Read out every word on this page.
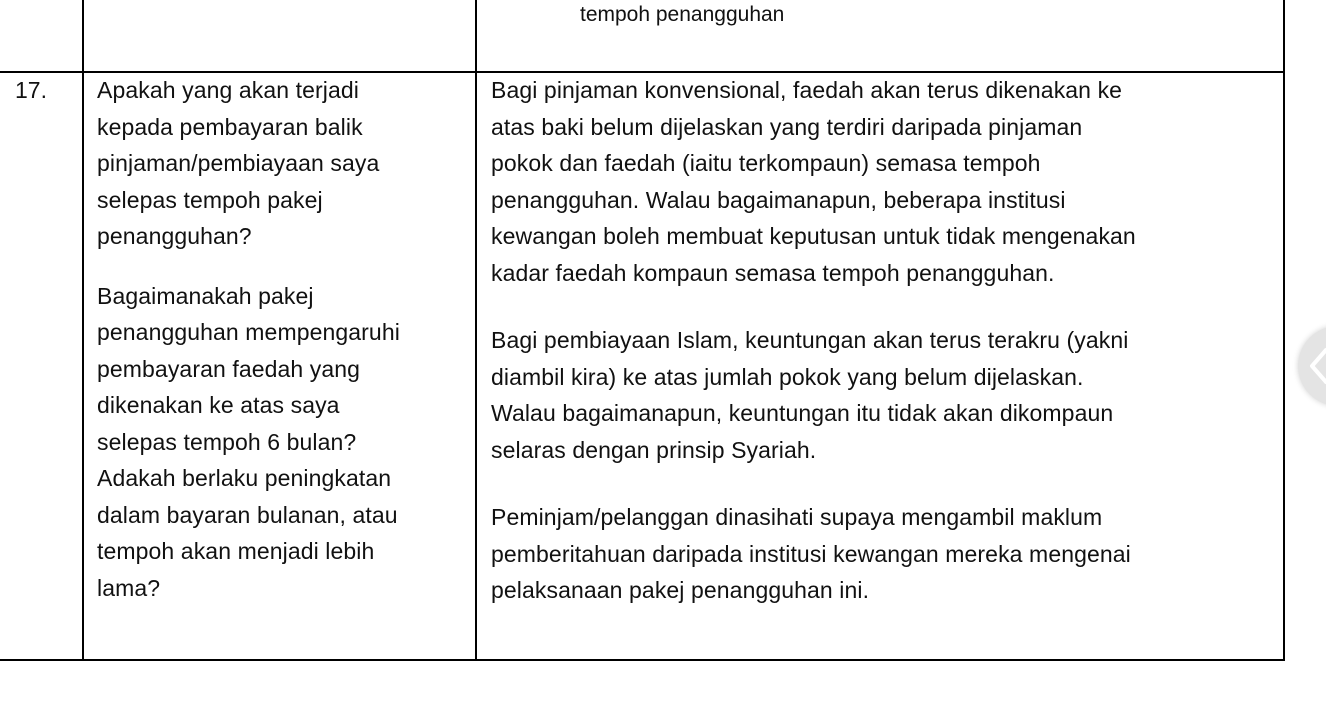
tempoh penangguhan
17. Apakah yang akan terjadi
kepada pembayaran balik
pinjaman/pembiayaan saya
selepas tempoh pakej
penangguhan?
Bagaimanakah pakej
penangguhan mempengaruhi
pembayaran faedah yang
dikenakan ke atas saya
selepas tempoh 6 bulan?
Adakah berlaku peningkatan
dalam bayaran bulanan, atau
tempoh akan menjadi lebih
lama?
Bagi pinjaman konvensional, faedah akan terus dikenakan ke
atas baki belum dijelaskan yang terdiri daripada pinjaman
pokok dan faedah (iaitu terkompaun) semasa tempoh
penangguhan. Walau bagaimanapun, beberapa institusi
kewangan boleh membuat keputusan untuk tidak mengenakan
kadar faedah kompaun semasa tempoh penangguhan.
Bagi pembiayaan Islam, keuntungan akan terus terakru (yakni
diambil kira) ke atas jumlah pokok yang belum dijelaskan.
Walau bagaimanapun, keuntungan itu tidak akan dikompaun
selaras dengan prinsip Syariah.
Peminjam/pelanggan dinasihati supaya mengambil maklum
pemberitahuan daripada institusi kewangan mereka mengenai
pelaksanaan pakej penangguhan ini.
